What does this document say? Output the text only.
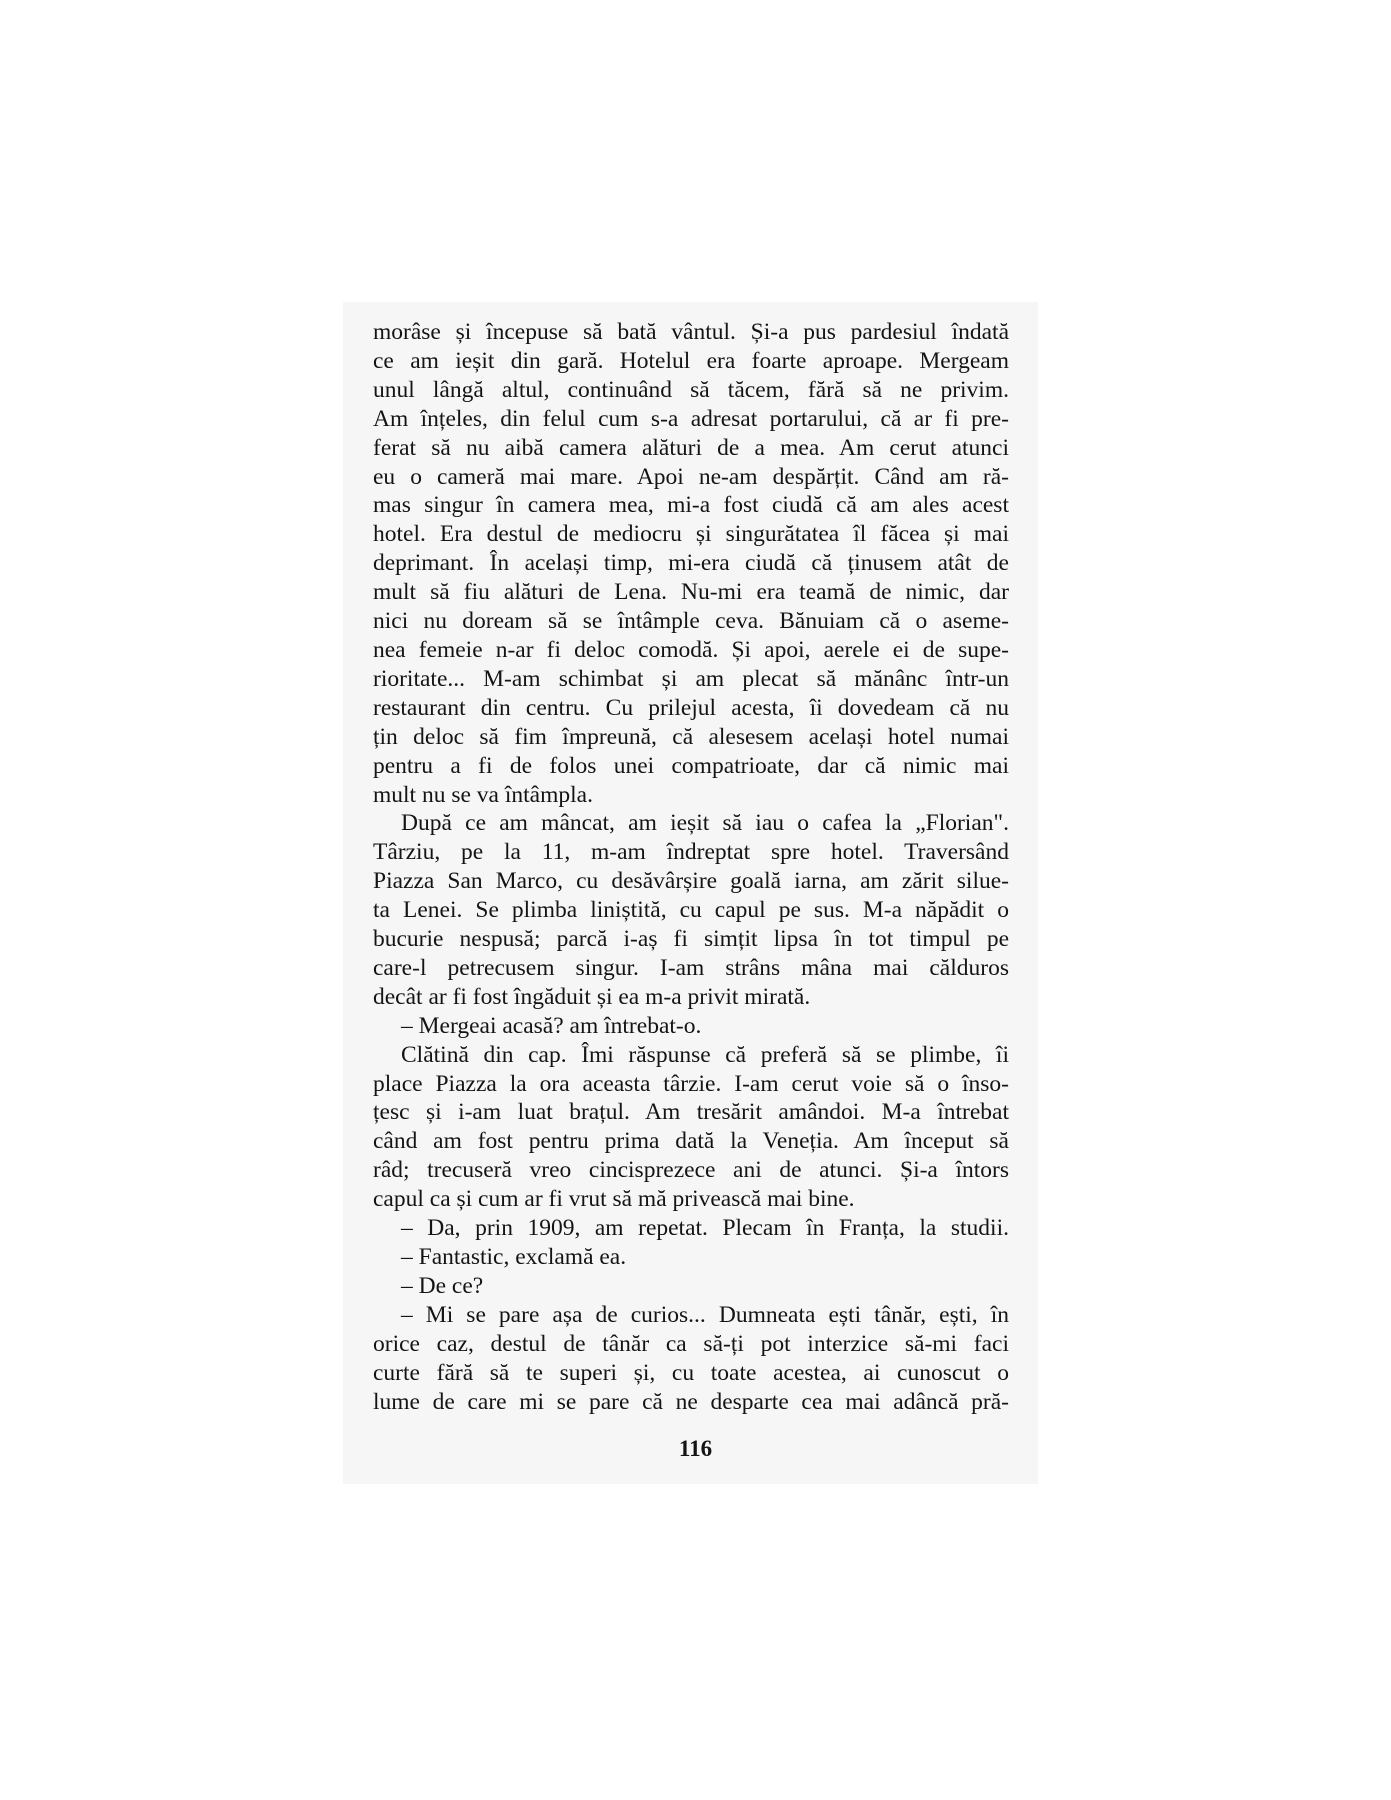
morâse și începuse să bată vântul. Și-a pus pardesiul îndată

ce am ieșit din gară. Hotelul era foarte aproape. Mergeam

unul lângă altul, continuând să tăcem, fără să ne privim.

Am înțeles, din felul cum s-a adresat portarului, că ar fi pre-

ferat să nu aibă camera alături de a mea. Am cerut atunci

eu o cameră mai mare. Apoi ne-am despărțit. Când am ră-

mas singur în camera mea, mi-a fost ciudă că am ales acest

hotel. Era destul de mediocru și singurătatea îl făcea și mai

deprimant. În același timp, mi-era ciudă că ținusem atât de

mult să fiu alături de Lena. Nu-mi era teamă de nimic, dar

nici nu doream să se întâmple ceva. Bănuiam că o aseme-

nea femeie n-ar fi deloc comodă. Și apoi, aerele ei de supe-

rioritate... M-am schimbat și am plecat să mănânc într-un

restaurant din centru. Cu prilejul acesta, îi dovedeam că nu

țin deloc să fim împreună, că alesesem același hotel numai

pentru a fi de folos unei compatrioate, dar că nimic mai

mult nu se va întâmpla.

După ce am mâncat, am ieșit să iau o cafea la „Florian".

Târziu, pe la 11, m-am îndreptat spre hotel. Traversând

Piazza San Marco, cu desăvârșire goală iarna, am zărit siluе-

ta Lenei. Se plimba liniștită, cu capul pe sus. M-a năpădit o

bucurie nespusă; parcă i-aș fi simțit lipsa în tot timpul pe

care-l petrecusem singur. I-am strâns mâna mai călduros

decât ar fi fost îngăduit și ea m-a privit mirată.

– Mergeai acasă? am întrebat-o.

Clătină din cap. Îmi răspunse că preferă să se plimbe, îi

place Piazza la ora aceasta târzie. I-am cerut voie să o înso-

țesc și i-am luat brațul. Am tresărit amândoi. M-a întrebat

când am fost pentru prima dată la Veneția. Am început să

râd; trecuseră vreo cincisprezece ani de atunci. Și-a întors

capul ca și cum ar fi vrut să mă privească mai bine.

– Da, prin 1909, am repetat. Plecam în Franța, la studii.

– Fantastic, exclamă ea.

– De ce?

– Mi se pare așa de curios... Dumneata ești tânăr, ești, în

orice caz, destul de tânăr ca să-ți pot interzice să-mi faci

curte fără să te superi și, cu toate acestea, ai cunoscut o

lume de care mi se pare că ne desparte cea mai adâncă pră-

116
